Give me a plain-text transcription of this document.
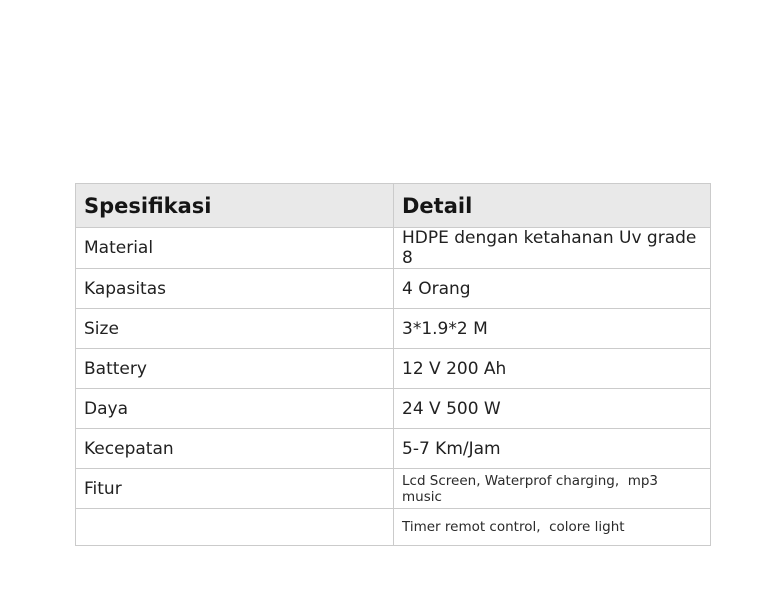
Spesifikasi	Detail
Material	HDPE dengan ketahanan Uv grade 8
Kapasitas	4 Orang
Size	3*1.9*2 M
Battery	12 V 200 Ah
Daya	24 V 500 W
Kecepatan	5-7 Km/Jam
Fitur	Lcd Screen, Waterprof charging,  mp3 music
	Timer remot control,  colore light
